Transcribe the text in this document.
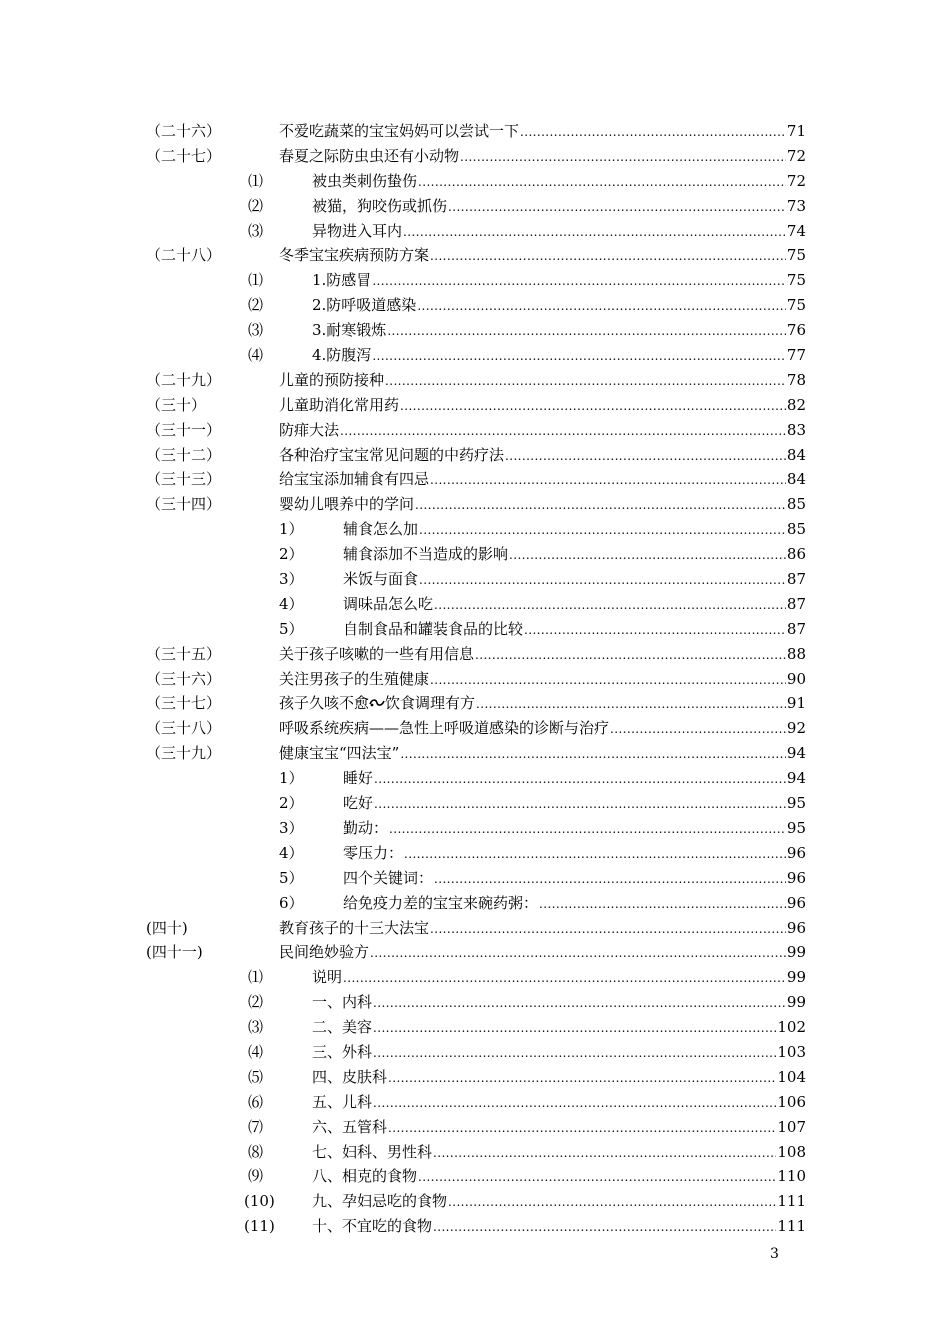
（二十六）	不爱吃蔬菜的宝宝妈妈可以尝试一下 .....	71
（二十七）	春夏之际防虫虫还有小动物 .....	72
⑴	被虫类刺伤蛰伤 .....	72
⑵	被猫，狗咬伤或抓伤 .....	73
⑶	异物进入耳内 .....	74
（二十八）	冬季宝宝疾病预防方案 .....	75
⑴	1.防感冒 .....	75
⑵	2.防呼吸道感染 .....	75
⑶	3.耐寒锻炼 .....	76
⑷	4.防腹泻 .....	77
（二十九）	儿童的预防接种 .....	78
（三十）	儿童助消化常用药 .....	82
（三十一）	防痱大法 .....	83
（三十二）	各种治疗宝宝常见问题的中药疗法 .....	84
（三十三）	给宝宝添加辅食有四忌 .....	84
（三十四）	婴幼儿喂养中的学问 .....	85
1）	辅食怎么加 .....	85
2）	辅食添加不当造成的影响 .....	86
3）	米饭与面食 .....	87
4）	调味品怎么吃 .....	87
5）	自制食品和罐装食品的比较 .....	87
（三十五）	关于孩子咳嗽的一些有用信息 .....	88
（三十六）	关注男孩子的生殖健康 .....	90
（三十七）	孩子久咳不愈 饮食调理有方 .....	91
（三十八）	呼吸系统疾病——急性上呼吸道感染的诊断与治疗 .....	92
（三十九）	健康宝宝“四法宝” .....	94
1）	睡好 .....	94
2）	吃好 .....	95
3）	勤动： .....	95
4）	零压力： .....	96
5）	四个关键词： .....	96
6）	给免疫力差的宝宝来碗药粥： .....	96
(四十)	教育孩子的十三大法宝 .....	96
(四十一)	民间绝妙验方 .....	99
⑴	说明 .....	99
⑵	一、内科 .....	99
⑶	二、美容 .....	102
⑷	三、外科 .....	103
⑸	四、皮肤科 .....	104
⑹	五、儿科 .....	106
⑺	六、五管科 .....	107
⑻	七、妇科、男性科 .....	108
⑼	八、相克的食物 .....	110
(10)	九、孕妇忌吃的食物 .....	111
(11)	十、不宜吃的食物 .....	111
3
